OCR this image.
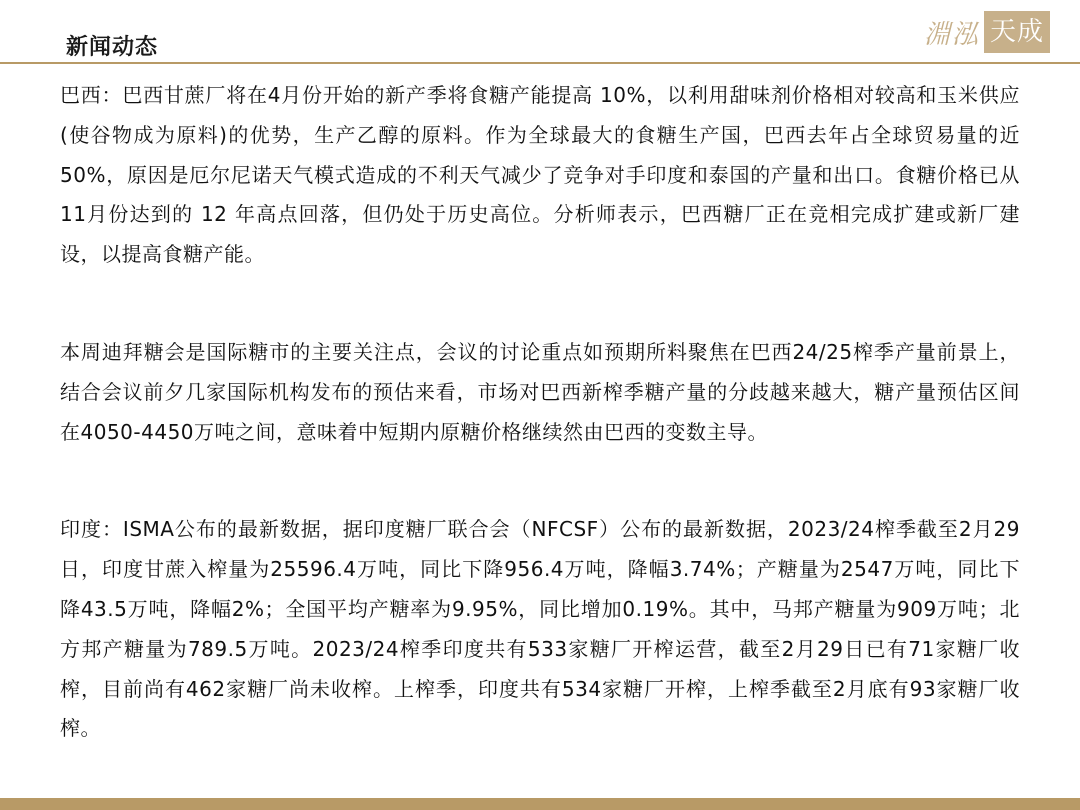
新闻动态	淵泓 天成

巴西：巴西甘蔗厂将在4月份开始的新产季将食糖产能提高 10%，以利用甜味剂价格相对较高和玉米供应(使谷物成为原料)的优势，生产乙醇的原料。作为全球最大的食糖生产国，巴西去年占全球贸易量的近 50%，原因是厄尔尼诺天气模式造成的不利天气减少了竞争对手印度和泰国的产量和出口。食糖价格已从 11月份达到的 12 年高点回落，但仍处于历史高位。分析师表示，巴西糖厂正在竞相完成扩建或新厂建设，以提高食糖产能。

本周迪拜糖会是国际糖市的主要关注点，会议的讨论重点如预期所料聚焦在巴西24/25榨季产量前景上，结合会议前夕几家国际机构发布的预估来看，市场对巴西新榨季糖产量的分歧越来越大，糖产量预估区间在4050-4450万吨之间，意味着中短期内原糖价格继续然由巴西的变数主导。

印度：ISMA公布的最新数据，据印度糖厂联合会（NFCSF）公布的最新数据，2023/24榨季截至2月29日，印度甘蔗入榨量为25596.4万吨，同比下降956.4万吨，降幅3.74%；产糖量为2547万吨，同比下降43.5万吨，降幅2%；全国平均产糖率为9.95%，同比增加0.19%。其中，马邦产糖量为909万吨；北方邦产糖量为789.5万吨。2023/24榨季印度共有533家糖厂开榨运营，截至2月29日已有71家糖厂收榨，目前尚有462家糖厂尚未收榨。上榨季，印度共有534家糖厂开榨，上榨季截至2月底有93家糖厂收榨。
